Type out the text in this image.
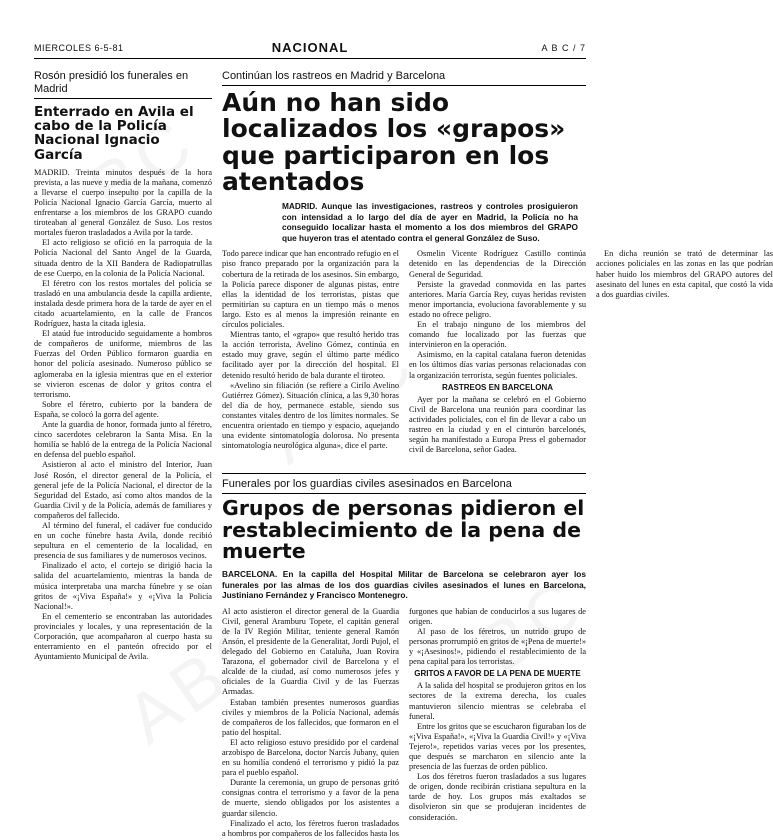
MIERCOLES 6-5-81	NACIONAL	A B C / 7
Rosón presidió los funerales en Madrid
Enterrado en Avila el cabo de la Policía Nacional Ignacio García

MADRID. Treinta minutos después de la hora prevista, a las nueve y media de la mañana, comenzó a llevarse el cuerpo insepulto por la capilla de la Policía Nacional Ignacio García García, muerto al enfrentarse a los miembros de los GRAPO cuando tiroteaban al general González de Suso. Los restos mortales fueron trasladados a Avila por la tarde.

El acto religioso se ofició en la parroquia de la Policía Nacional del Santo Angel de la Guarda, situada dentro de la XII Bandera de Radiopatrullas de ese Cuerpo, en la colonia de la Policía Nacional.

El féretro con los restos mortales del policía se trasladó en una ambulancia desde la capilla ardiente, instalada desde primera hora de la tarde de ayer en el citado acuartelamiento, en la calle de Francos Rodríguez, hasta la citada iglesia.

El ataúd fue introducido seguidamente a hombros de compañeros de uniforme, miembros de las Fuerzas del Orden Público formaron guardia en honor del policía asesinado. Numeroso público se aglomeraba en la iglesia mientras que en el exterior se vivieron escenas de dolor y gritos contra el terrorismo.

Sobre el féretro, cubierto por la bandera de España, se colocó la gorra del agente.

Ante la guardia de honor, formada junto al féretro, cinco sacerdotes celebraron la Santa Misa. En la homilía se habló de la entrega de la Policía Nacional en defensa del pueblo español.

Asistieron al acto el ministro del Interior, Juan José Rosón, el director general de la Policía, el general jefe de la Policía Nacional, el director de la Seguridad del Estado, así como altos mandos de la Guardia Civil y de la Policía, además de familiares y compañeros del fallecido.

Al término del funeral, el cadáver fue conducido en un coche fúnebre hasta Avila, donde recibió sepultura en el cementerio de la localidad, en presencia de sus familiares y de numerosos vecinos.

Finalizado el acto, el cortejo se dirigió hacia la salida del acuartelamiento, mientras la banda de música interpretaba una marcha fúnebre y se oían gritos de «¡Viva España!» y «¡Viva la Policía Nacional!».

En el cementerio se encontraban las autoridades provinciales y locales, y una representación de la Corporación, que acompañaron al cuerpo hasta su enterramiento en el panteón ofrecido por el Ayuntamiento Municipal de Avila.

Continúan los rastreos en Madrid y Barcelona
Aún no han sido localizados los «grapos» que participaron en los atentados
MADRID. Aunque las investigaciones, rastreos y controles prosiguieron con intensidad a lo largo del día de ayer en Madrid, la Policía no ha conseguido localizar hasta el momento a los dos miembros del GRAPO que huyeron tras el atentado contra el general González de Suso.

Todo parece indicar que han encontrado refugio en el piso franco preparado por la organización para la cobertura de la retirada de los asesinos. Sin embargo, la Policía parece disponer de algunas pistas, entre ellas la identidad de los terroristas, pistas que permitirían su captura en un tiempo más o menos largo. Esto es al menos la impresión reinante en círculos policiales.

Mientras tanto, el «grapo» que resultó herido tras la acción terrorista, Avelino Gómez, continúa en estado muy grave, según el último parte médico facilitado ayer por la dirección del hospital. El detenido resultó herido de bala durante el tiroteo.

«Avelino sin filiación (se refiere a Cirilo Avelino Gutiérrez Gómez). Situación clínica, a las 9,30 horas del día de hoy, permanece estable, siendo sus constantes vitales dentro de los límites normales. Se encuentra orientado en tiempo y espacio, aquejando una evidente sintomatología dolorosa. No presenta sintomatología neurológica alguna», dice el parte.

Osmelin Vicente Rodríguez Castillo continúa detenido en las dependencias de la Dirección General de Seguridad.

Persiste la gravedad conmovida en las partes anteriores. María García Rey, cuyas heridas revisten menor importancia, evoluciona favorablemente y su estado no ofrece peligro.

En el trabajo ninguno de los miembros del comando fue localizado por las fuerzas que intervinieron en la operación.

Asimismo, en la capital catalana fueron detenidas en los últimos días varias personas relacionadas con la organización terrorista, según fuentes policiales.

RASTREOS EN BARCELONA

Ayer por la mañana se celebró en el Gobierno Civil de Barcelona una reunión para coordinar las actividades policiales, con el fin de llevar a cabo un rastreo en la ciudad y en el cinturón barcelonés, según ha manifestado a Europa Press el gobernador civil de Barcelona, señor Gadea.

En dicha reunión se trató de determinar las acciones policiales en las zonas en las que podrían haber huido los miembros del GRAPO autores del asesinato del lunes en esta capital, que costó la vida a dos guardias civiles.

Funerales por los guardias civiles asesinados en Barcelona
Grupos de personas pidieron el restablecimiento de la pena de muerte
BARCELONA. En la capilla del Hospital Militar de Barcelona se celebraron ayer los funerales por las almas de los dos guardias civiles asesinados el lunes en Barcelona, Justiniano Fernández y Francisco Montenegro.

Al acto asistieron el director general de la Guardia Civil, general Aramburu Topete, el capitán general de la IV Región Militar, teniente general Ramón Ansón, el presidente de la Generalitat, Jordi Pujol, el delegado del Gobierno en Cataluña, Juan Rovira Tarazona, el gobernador civil de Barcelona y el alcalde de la ciudad, así como numerosos jefes y oficiales de la Guardia Civil y de las Fuerzas Armadas.

Estaban también presentes numerosos guardias civiles y miembros de la Policía Nacional, además de compañeros de los fallecidos, que formaron en el patio del hospital.

El acto religioso estuvo presidido por el cardenal arzobispo de Barcelona, doctor Narcís Jubany, quien en su homilía condenó el terrorismo y pidió la paz para el pueblo español.

Durante la ceremonia, un grupo de personas gritó consignas contra el terrorismo y a favor de la pena de muerte, siendo obligados por los asistentes a guardar silencio.

Finalizado el acto, los féretros fueron trasladados a hombros por compañeros de los fallecidos hasta los furgones que habían de conducirlos a sus lugares de origen.

Al paso de los féretros, un nutrido grupo de personas prorrumpió en gritos de «¡Pena de muerte!» y «¡Asesinos!», pidiendo el restablecimiento de la pena capital para los terroristas.

GRITOS A FAVOR DE LA PENA DE MUERTE

A la salida del hospital se produjeron gritos en los sectores de la extrema derecha, los cuales mantuvieron silencio mientras se celebraba el funeral.

Entre los gritos que se escucharon figuraban los de «¡Viva España!», «¡Viva la Guardia Civil!» y «¡Viva Tejero!», repetidos varias veces por los presentes, que después se marcharon en silencio ante la presencia de las fuerzas de orden público.

Los dos féretros fueron trasladados a sus lugares de origen, donde recibirán cristiana sepultura en la tarde de hoy. Los grupos más exaltados se disolvieron sin que se produjeran incidentes de consideración.
